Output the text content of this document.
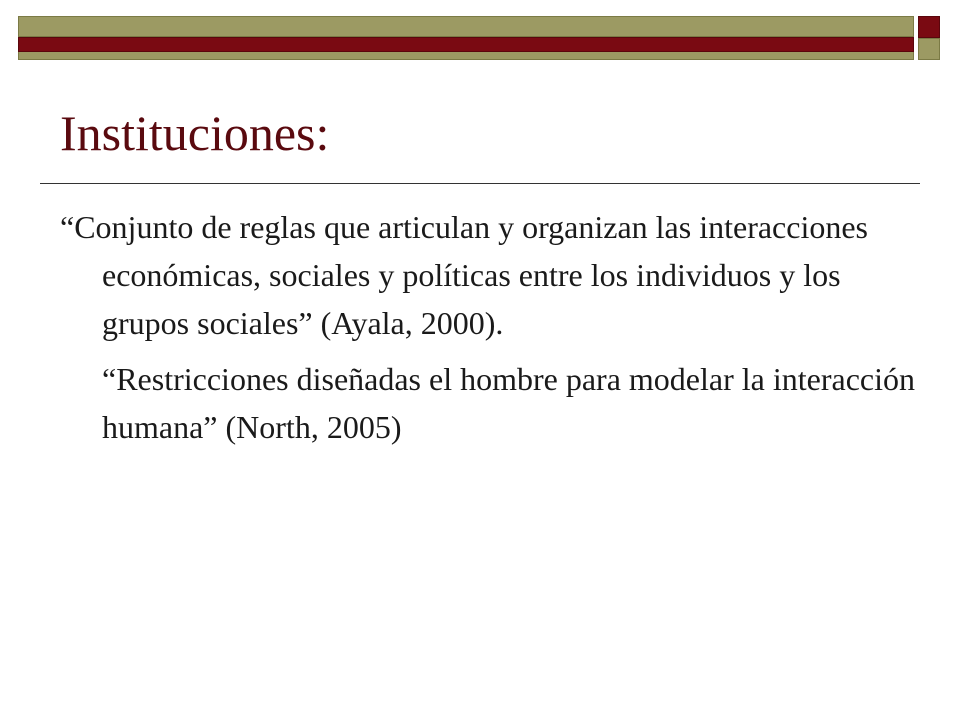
Instituciones:

“Conjunto de reglas que articulan y organizan las interacciones económicas, sociales y políticas entre los individuos y los grupos sociales” (Ayala, 2000).

“Restricciones diseñadas el hombre para modelar la interacción humana” (North, 2005)
